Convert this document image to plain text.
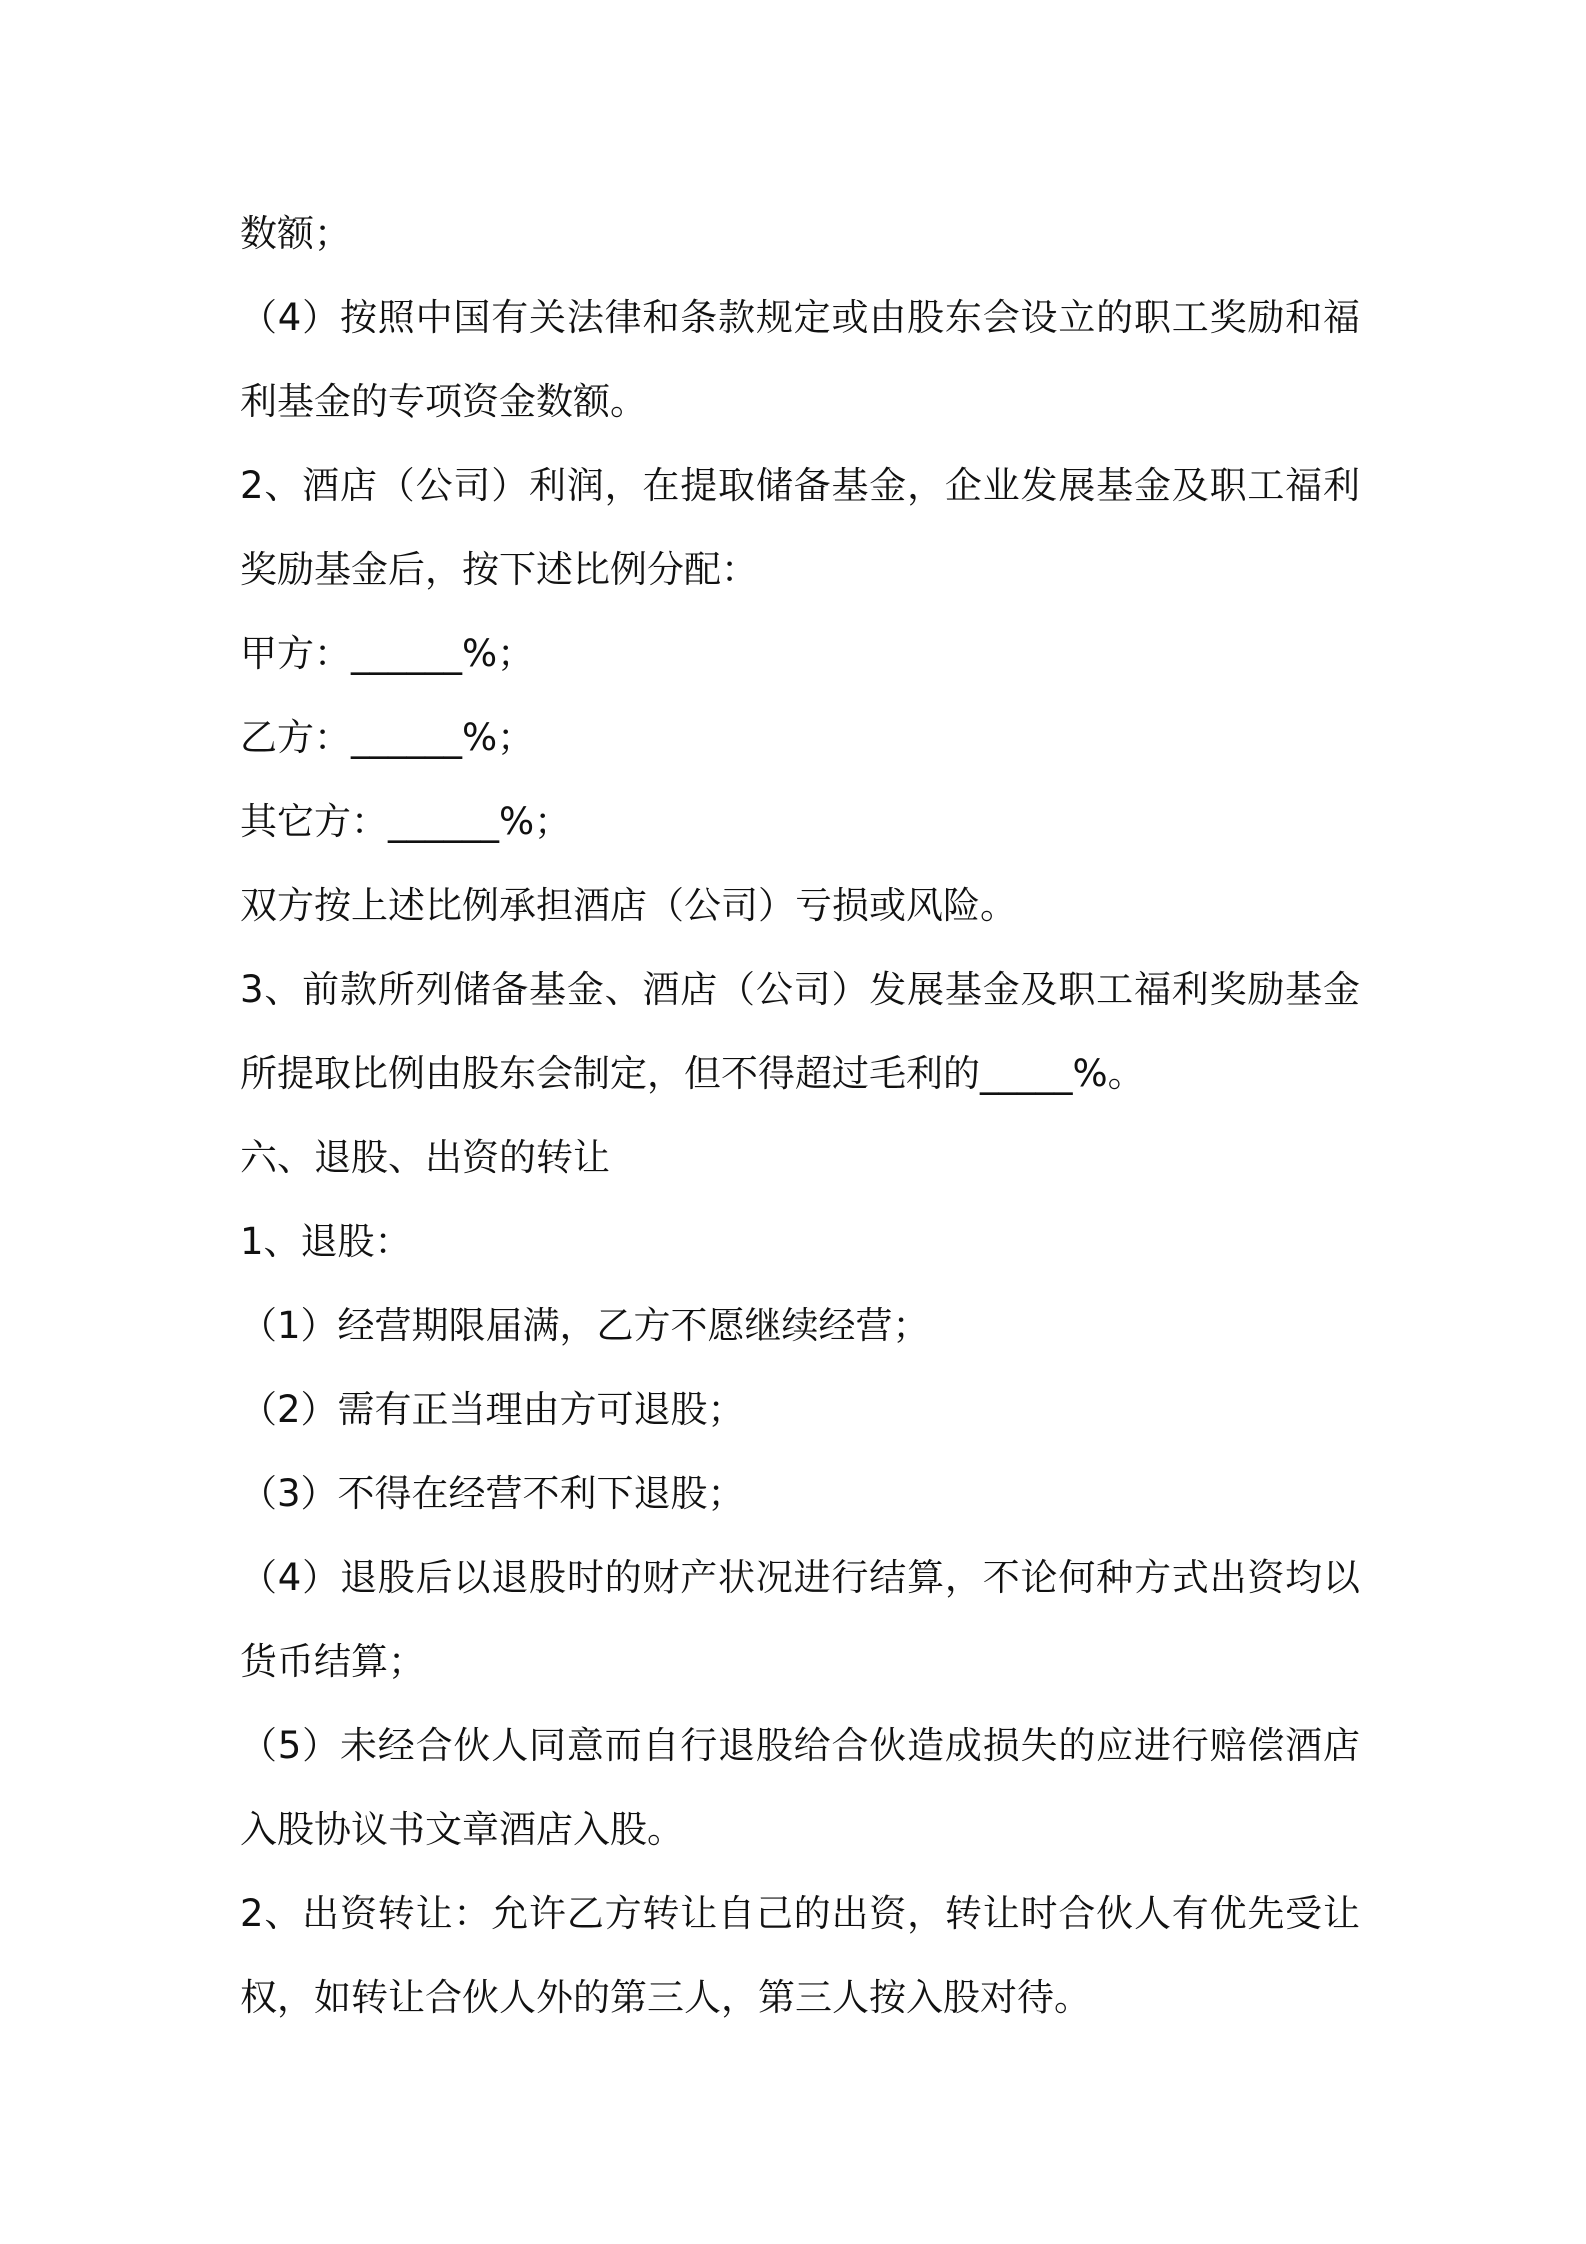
数额；
（4）按照中国有关法律和条款规定或由股东会设立的职工奖励和福
利基金的专项资金数额。
2、酒店（公司）利润，在提取储备基金，企业发展基金及职工福利
奖励基金后，按下述比例分配：
甲方：______%；
乙方：______%；
其它方：______%；
双方按上述比例承担酒店（公司）亏损或风险。
3、前款所列储备基金、酒店（公司）发展基金及职工福利奖励基金
所提取比例由股东会制定，但不得超过毛利的_____%。
六、退股、出资的转让
1、退股：
（1）经营期限届满，乙方不愿继续经营；
（2）需有正当理由方可退股；
（3）不得在经营不利下退股；
（4）退股后以退股时的财产状况进行结算，不论何种方式出资均以
货币结算；
（5）未经合伙人同意而自行退股给合伙造成损失的应进行赔偿酒店
入股协议书文章酒店入股。
2、出资转让：允许乙方转让自己的出资，转让时合伙人有优先受让
权，如转让合伙人外的第三人，第三人按入股对待。
